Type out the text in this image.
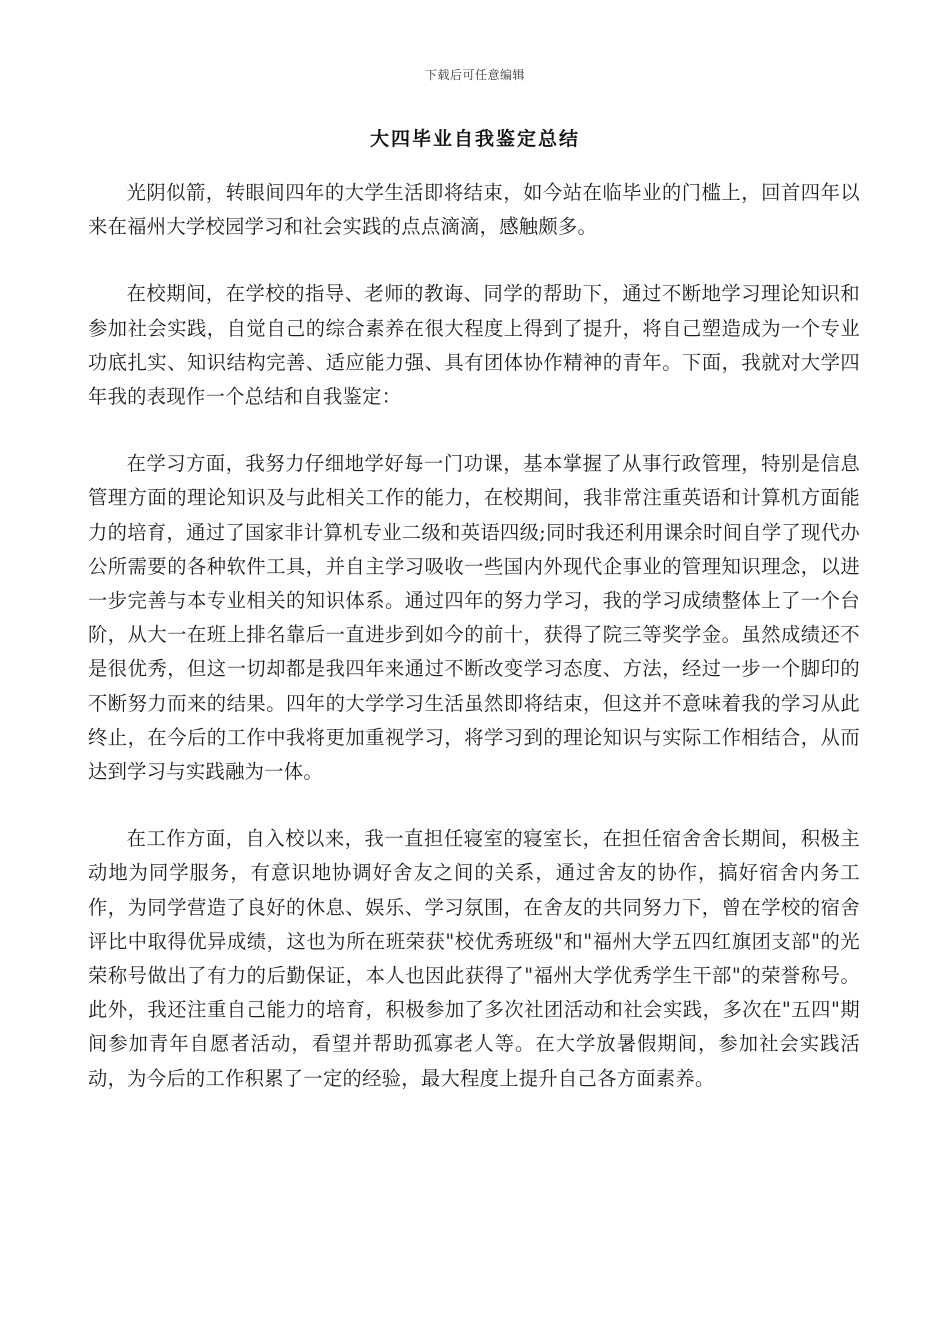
下载后可任意编辑
大四毕业自我鉴定总结

光阴似箭，转眼间四年的大学生活即将结束，如今站在临毕业的门槛上，回首四年以来在福州大学校园学习和社会实践的点点滴滴，感触颇多。

在校期间，在学校的指导、老师的教诲、同学的帮助下，通过不断地学习理论知识和参加社会实践，自觉自己的综合素养在很大程度上得到了提升，将自己塑造成为一个专业功底扎实、知识结构完善、适应能力强、具有团体协作精神的青年。下面，我就对大学四年我的表现作一个总结和自我鉴定：

在学习方面，我努力仔细地学好每一门功课，基本掌握了从事行政管理，特别是信息管理方面的理论知识及与此相关工作的能力，在校期间，我非常注重英语和计算机方面能力的培育，通过了国家非计算机专业二级和英语四级;同时我还利用课余时间自学了现代办公所需要的各种软件工具，并自主学习吸收一些国内外现代企事业的管理知识理念，以进一步完善与本专业相关的知识体系。通过四年的努力学习，我的学习成绩整体上了一个台阶，从大一在班上排名靠后一直进步到如今的前十，获得了院三等奖学金。虽然成绩还不是很优秀，但这一切却都是我四年来通过不断改变学习态度、方法，经过一步一个脚印的不断努力而来的结果。四年的大学学习生活虽然即将结束，但这并不意味着我的学习从此终止，在今后的工作中我将更加重视学习，将学习到的理论知识与实际工作相结合，从而达到学习与实践融为一体。

在工作方面，自入校以来，我一直担任寝室的寝室长，在担任宿舍舍长期间，积极主动地为同学服务，有意识地协调好舍友之间的关系，通过舍友的协作，搞好宿舍内务工作，为同学营造了良好的休息、娱乐、学习氛围，在舍友的共同努力下，曾在学校的宿舍评比中取得优异成绩，这也为所在班荣获"校优秀班级"和"福州大学五四红旗团支部"的光荣称号做出了有力的后勤保证，本人也因此获得了"福州大学优秀学生干部"的荣誉称号。此外，我还注重自己能力的培育，积极参加了多次社团活动和社会实践，多次在"五四"期间参加青年自愿者活动，看望并帮助孤寡老人等。在大学放暑假期间，参加社会实践活动，为今后的工作积累了一定的经验，最大程度上提升自己各方面素养。
